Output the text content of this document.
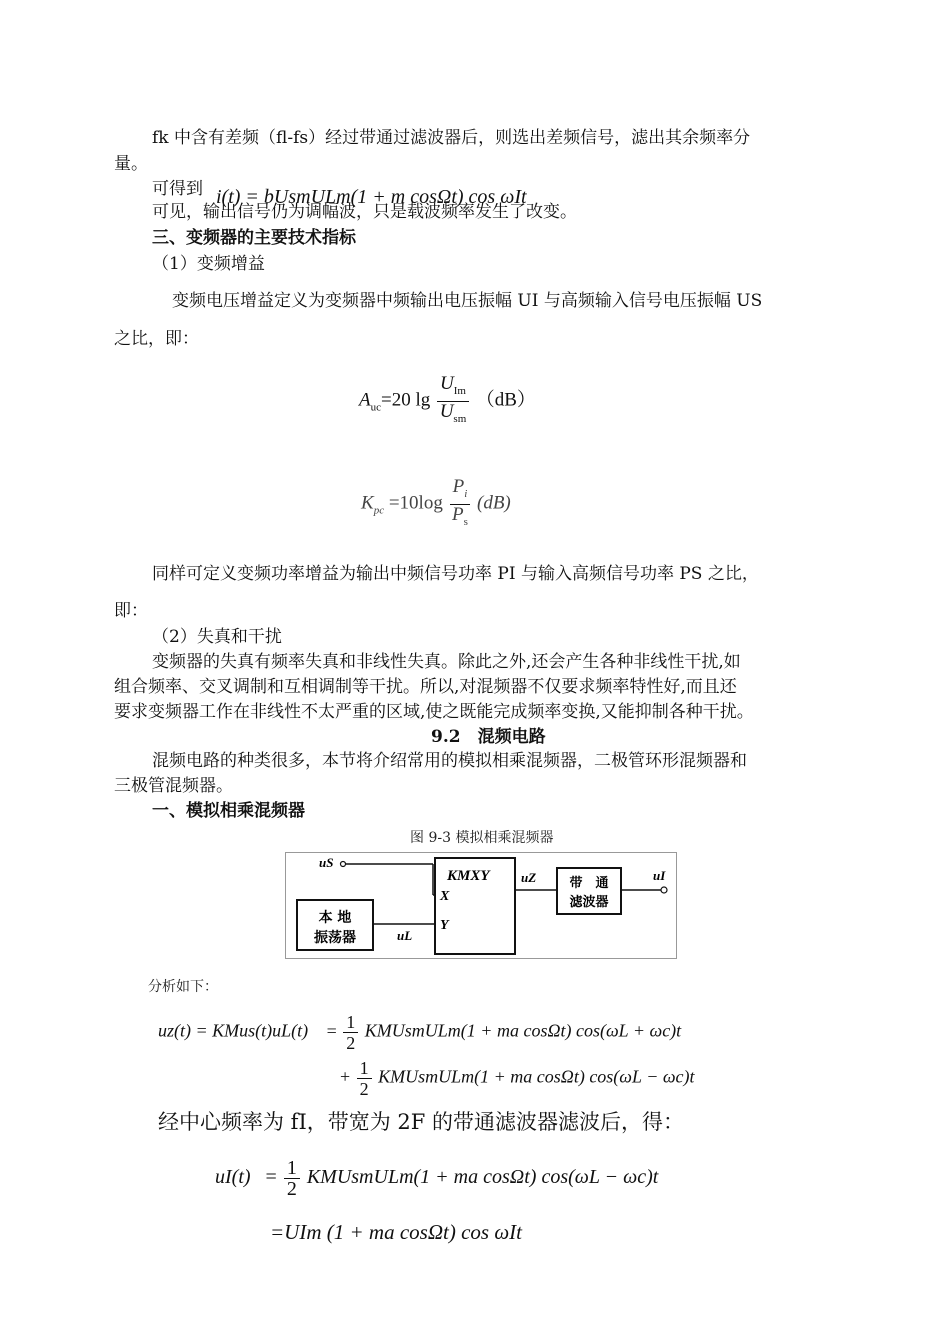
fk 中含有差频（fl-fs）经过带通过滤波器后，则选出差频信号，滤出其余频率分
量。
可得到 i(t) = bUsmULm(1 + m cosΩt) cos ωIt
可见，输出信号仍为调幅波，只是载波频率发生了改变。
三、变频器的主要技术指标
（1）变频增益
变频电压增益定义为变频器中频输出电压振幅 UI 与高频输入信号电压振幅 US
之比，即：
$A_{uc}=20$ $\lg \frac{U_{Im}}{U_{sm}} (dB)$
$K_{pc} =10\log \frac{P_i}{P_s} (dB)$
同样可定义变频功率增益为输出中频信号功率 PI 与输入高频信号功率 PS 之比，
即：
（2）失真和干扰
变频器的失真有频率失真和非线性失真。除此之外,还会产生各种非线性干扰,如
组合频率、交叉调制和互相调制等干扰。所以,对混频器不仅要求频率特性好,而且还
要求变频器工作在非线性不太严重的区域,使之既能完成频率变换,又能抑制各种干扰。
9.2　混频电路
混频电路的种类很多，本节将介绍常用的模拟相乘混频器，二极管环形混频器和
三极管混频器。
一、模拟相乘混频器
图 9-3 模拟相乘混频器
uS
本 地
振荡器	uL
KMXY
X
Y
uZ	带　通
滤波器
uI
分析如下：
uz(t) = KMus(t)uL(t) = $\frac{1}{2}$ KMUsmULm(1 + ma cosΩt) cos(ωL + ωc)t
+ $\frac{1}{2}$ KMUsmULm(1 + ma cosΩt) cos(ωL − ωc)t
经中心频率为 fI，带宽为 2F 的带通滤波器滤波后，得：
$uI(t) = \frac{1}{2}$ KMUsmULm(1 + ma cosΩt) cos(ωL − ωc)t
=UIm (1 + ma cosΩt) cos ωIt
